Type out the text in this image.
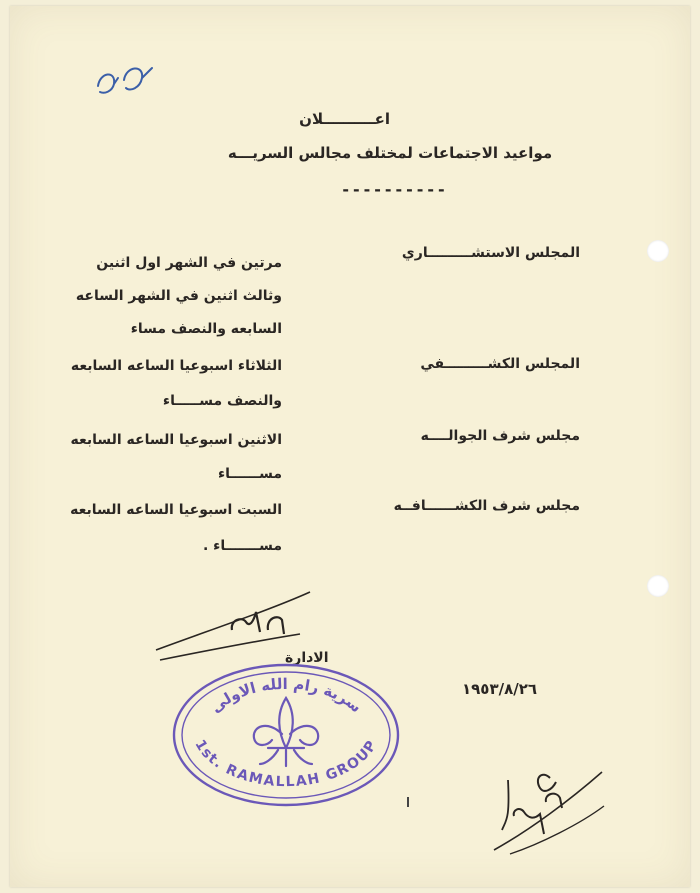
اعــــــــــلان
مواعيد الاجتماعات لمختلف مجالس السريـــه
----------
المجلس الاستشـــــــــاري
مرتين في الشهر اول اثنين
وثالث اثنين في الشهر الساعه
السابعه والنصف مساء
المجلس الكشـــــــــفي
الثلاثاء اسبوعيا الساعه السابعه
والنصف مســـــاء
مجلس شرف الجوالــــه
الاثنين اسبوعيا الساعه السابعه
مســــــاء
مجلس شرف الكشــــــافــه
السبت اسبوعيا الساعه السابعه
مســـــــاء .
الادارة
١٩٥٣/٨/٢٦
سرية رام الله الاولى
1st. RAMALLAH GROUP
